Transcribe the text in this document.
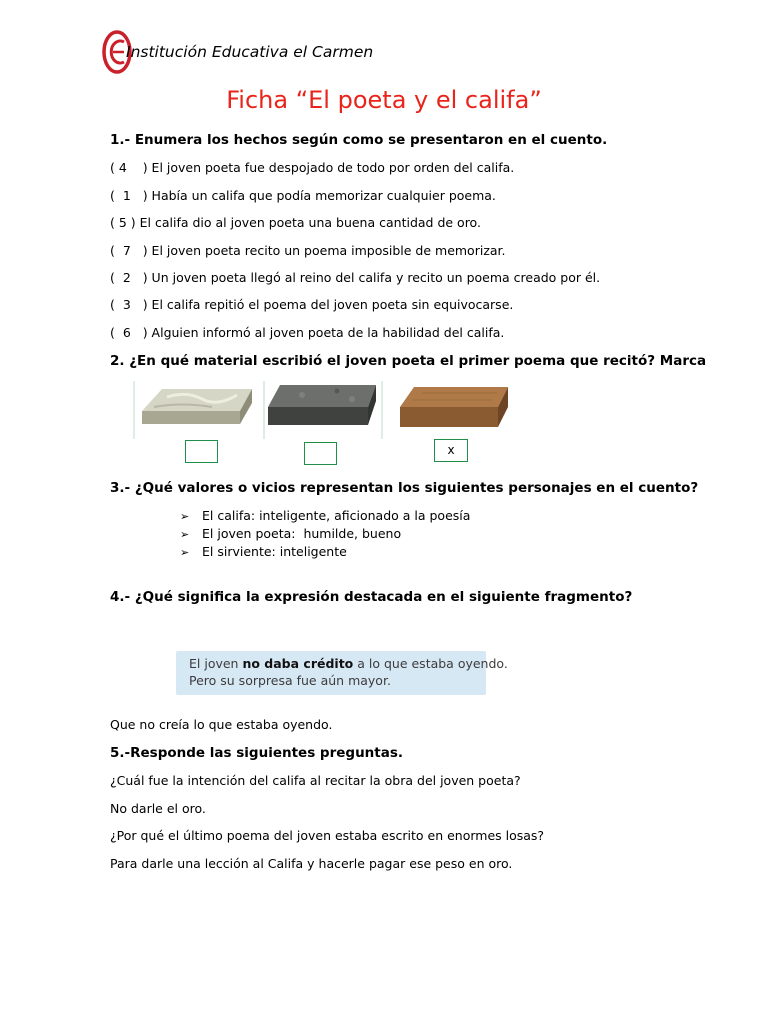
Institución Educativa el Carmen
Ficha “El poeta y el califa”
1.- Enumera los hechos según como se presentaron en el cuento.
( 4    ) El joven poeta fue despojado de todo por orden del califa.
(  1   ) Había un califa que podía memorizar cualquier poema.
( 5 ) El califa dio al joven poeta una buena cantidad de oro.
(  7   ) El joven poeta recito un poema imposible de memorizar.
(  2   ) Un joven poeta llegó al reino del califa y recito un poema creado por él.
(  3   ) El califa repitió el poema del joven poeta sin equivocarse.
(  6   ) Alguien informó al joven poeta de la habilidad del califa.
2. ¿En qué material escribió el joven poeta el primer poema que recitó? Marca
x
3.- ¿Qué valores o vicios representan los siguientes personajes en el cuento?
➢ El califa: inteligente, aficionado a la poesía
➢ El joven poeta:  humilde, bueno
➢ El sirviente: inteligente
4.- ¿Qué significa la expresión destacada en el siguiente fragmento?
El joven no daba crédito a lo que estaba oyendo.
Pero su sorpresa fue aún mayor.
Que no creía lo que estaba oyendo.
5.-Responde las siguientes preguntas.
¿Cuál fue la intención del califa al recitar la obra del joven poeta?
No darle el oro.
¿Por qué el último poema del joven estaba escrito en enormes losas?
Para darle una lección al Califa y hacerle pagar ese peso en oro.
